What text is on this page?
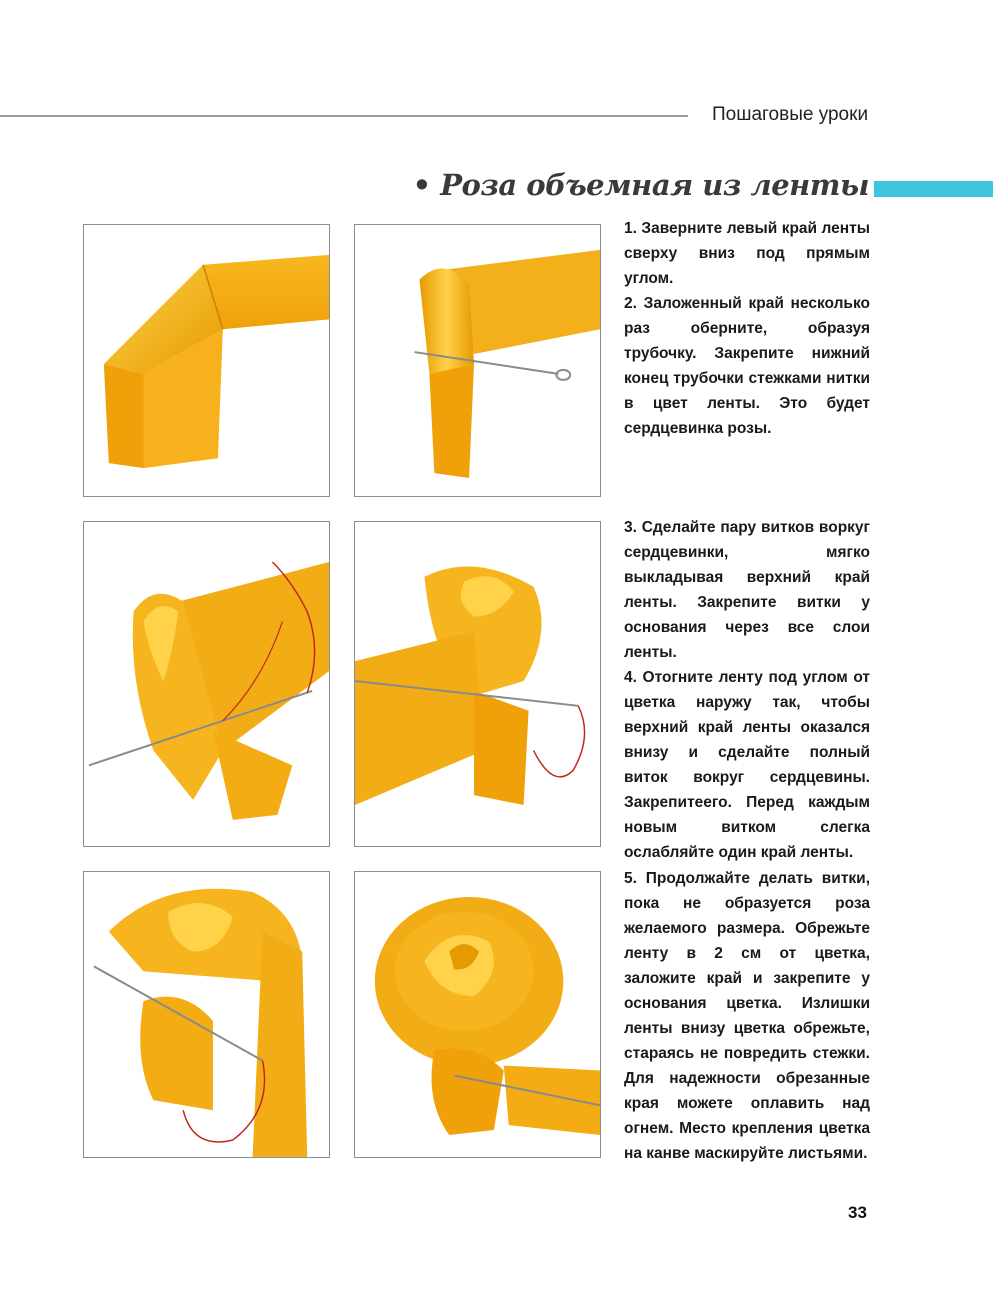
Пошаговые уроки
• Роза объемная из ленты

1. Заверните левый край ленты сверху вниз под прямым углом.

2. Заложенный край несколько раз оберните, образуя трубочку. Закрепите нижний конец трубочки стежками нитки в цвет ленты. Это будет сердцевинка розы.

3. Сделайте пару витков воркуг сердцевинки, мягко выкладывая верхний край ленты. Закрепите витки у основания через все слои ленты.

4. Отогните ленту под углом от цветка наружу так, чтобы верхний край ленты оказался внизу и сделайте полный виток вокруг сердцевины. Закрепитеего. Перед каждым новым витком слегка ослабляйте один край ленты.

5. Продолжайте делать витки, пока не образуется роза желаемого размера. Обрежьте ленту в 2 см от цветка, заложите край и закрепите у основания цветка. Излишки ленты внизу цветка обрежьте, стараясь не повредить стежки. Для надежности обрезанные края можете оплавить над огнем. Место крепления цветка на канве маскируйте листьями.

33
